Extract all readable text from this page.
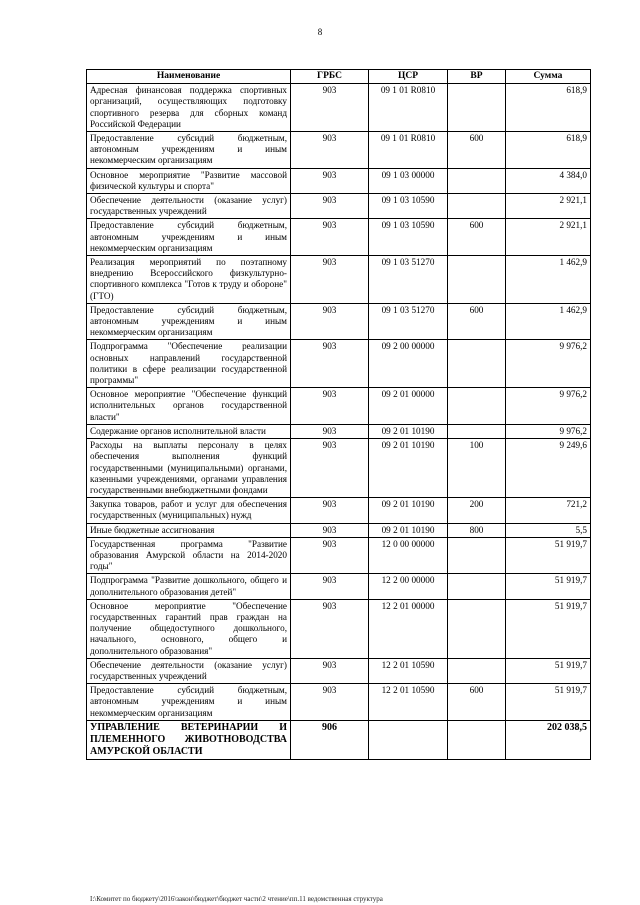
8
Наименование	ГРБС	ЦСР	ВР	Сумма
Адресная финансовая поддержка спортивных организаций, осуществляющих подготовку спортивного резерва для сборных команд Российской Федерации	903	09 1 01 R0810		618,9
Предоставление субсидий бюджетным, автономным учреждениям и иным некоммерческим организациям	903	09 1 01 R0810	600	618,9
Основное мероприятие "Развитие массовой физической культуры и спорта"	903	09 1 03 00000		4 384,0
Обеспечение деятельности (оказание услуг) государственных учреждений	903	09 1 03 10590		2 921,1
Предоставление субсидий бюджетным, автономным учреждениям и иным некоммерческим организациям	903	09 1 03 10590	600	2 921,1
Реализация мероприятий по поэтапному внедрению Всероссийского физкультурно-спортивного комплекса "Готов к труду и обороне" (ГТО)	903	09 1 03 51270		1 462,9
Предоставление субсидий бюджетным, автономным учреждениям и иным некоммерческим организациям	903	09 1 03 51270	600	1 462,9
Подпрограмма "Обеспечение реализации основных направлений государственной политики в сфере реализации государственной программы"	903	09 2 00 00000		9 976,2
Основное мероприятие "Обеспечение функций исполнительных органов государственной власти"	903	09 2 01 00000		9 976,2
Содержание органов исполнительной власти	903	09 2 01 10190		9 976,2
Расходы на выплаты персоналу в целях обеспечения выполнения функций государственными (муниципальными) органами, казенными учреждениями, органами управления государственными внебюджетными фондами	903	09 2 01 10190	100	9 249,6
Закупка товаров, работ и услуг для обеспечения государственных (муниципальных) нужд	903	09 2 01 10190	200	721,2
Иные бюджетные ассигнования	903	09 2 01 10190	800	5,5
Государственная программа "Развитие образования Амурской области на 2014-2020 годы"	903	12 0 00 00000		51 919,7
Подпрограмма "Развитие дошкольного, общего и дополнительного образования детей"	903	12 2 00 00000		51 919,7
Основное мероприятие "Обеспечение государственных гарантий прав граждан на получение общедоступного дошкольного, начального, основного, общего и дополнительного образования"	903	12 2 01 00000		51 919,7
Обеспечение деятельности (оказание услуг) государственных учреждений	903	12 2 01 10590		51 919,7
Предоставление субсидий бюджетным, автономным учреждениям и иным некоммерческим организациям	903	12 2 01 10590	600	51 919,7
УПРАВЛЕНИЕ ВЕТЕРИНАРИИ И ПЛЕМЕННОГО ЖИВОТНОВОДСТВА АМУРСКОЙ ОБЛАСТИ	906			202 038,5
I:\Комитет по бюджету\2016\закон\бюджет\бюджет части\2 чтение\пп.11 ведомственная структура
